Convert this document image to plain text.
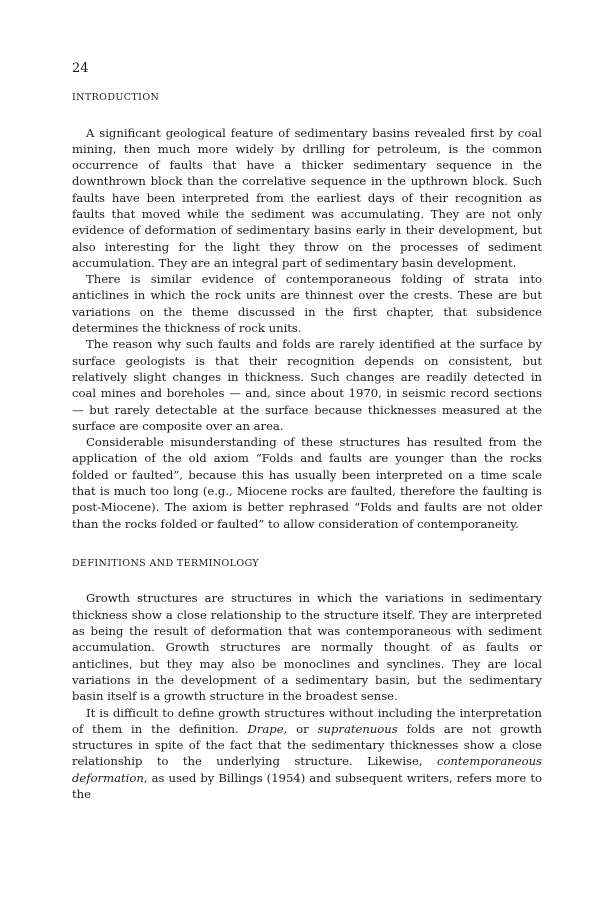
24
INTRODUCTION

A significant geological feature of sedimentary basins revealed first by coal mining, then much more widely by drilling for petroleum, is the common occurrence of faults that have a thicker sedimentary sequence in the downthrown block than the correlative sequence in the upthrown block. Such faults have been interpreted from the earliest days of their recognition as faults that moved while the sediment was accumulating. They are not only evidence of deformation of sedimentary basins early in their development, but also interesting for the light they throw on the processes of sediment accumulation. They are an integral part of sedimentary basin development.

There is similar evidence of contemporaneous folding of strata into anticlines in which the rock units are thinnest over the crests. These are but variations on the theme discussed in the first chapter, that subsidence determines the thickness of rock units.

The reason why such faults and folds are rarely identified at the surface by surface geologists is that their recognition depends on consistent, but relatively slight changes in thickness. Such changes are readily detected in coal mines and boreholes — and, since about 1970, in seismic record sections — but rarely detectable at the surface because thicknesses measured at the surface are composite over an area.

Considerable misunderstanding of these structures has resulted from the application of the old axiom “Folds and faults are younger than the rocks folded or faulted”, because this has usually been interpreted on a time scale that is much too long (e.g., Miocene rocks are faulted, therefore the faulting is post-Miocene). The axiom is better rephrased “Folds and faults are not older than the rocks folded or faulted” to allow consideration of contemporaneity.

DEFINITIONS AND TERMINOLOGY

Growth structures are structures in which the variations in sedimentary thickness show a close relationship to the structure itself. They are interpreted as being the result of deformation that was contemporaneous with sediment accumulation. Growth structures are normally thought of as faults or anticlines, but they may also be monoclines and synclines. They are local variations in the development of a sedimentary basin, but the sedimentary basin itself is a growth structure in the broadest sense.

It is difficult to define growth structures without including the interpretation of them in the definition. Drape, or supratenuous folds are not growth structures in spite of the fact that the sedimentary thicknesses show a close relationship to the underlying structure. Likewise, contemporaneous deformation, as used by Billings (1954) and subsequent writers, refers more to the
